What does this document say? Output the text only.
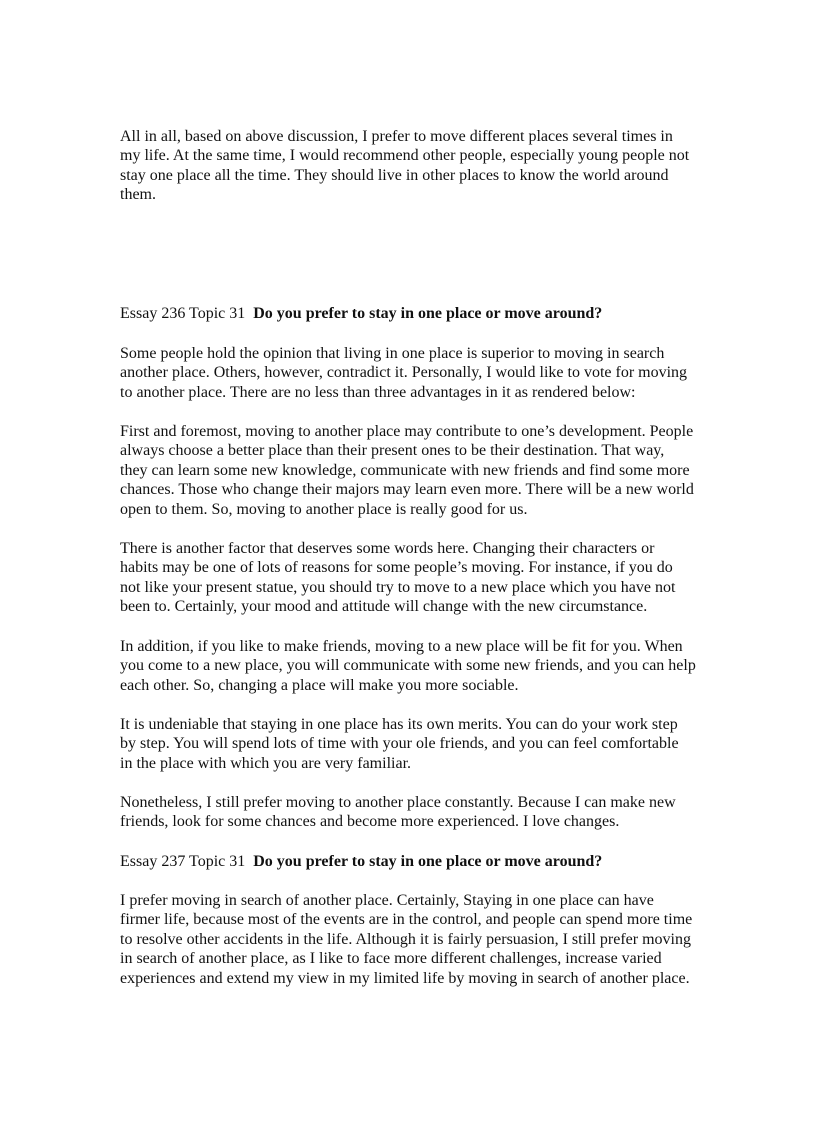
All in all, based on above discussion, I prefer to move different places several times in
my life. At the same time, I would recommend other people, especially young people not
stay one place all the time. They should live in other places to know the world around
them.

Essay 236 Topic 31 Do you prefer to stay in one place or move around?

Some people hold the opinion that living in one place is superior to moving in search
another place. Others, however, contradict it. Personally, I would like to vote for moving
to another place. There are no less than three advantages in it as rendered below:

First and foremost, moving to another place may contribute to one’s development. People
always choose a better place than their present ones to be their destination. That way,
they can learn some new knowledge, communicate with new friends and find some more
chances. Those who change their majors may learn even more. There will be a new world
open to them. So, moving to another place is really good for us.

There is another factor that deserves some words here. Changing their characters or
habits may be one of lots of reasons for some people’s moving. For instance, if you do
not like your present statue, you should try to move to a new place which you have not
been to. Certainly, your mood and attitude will change with the new circumstance.

In addition, if you like to make friends, moving to a new place will be fit for you. When
you come to a new place, you will communicate with some new friends, and you can help
each other. So, changing a place will make you more sociable.

It is undeniable that staying in one place has its own merits. You can do your work step
by step. You will spend lots of time with your ole friends, and you can feel comfortable
in the place with which you are very familiar.

Nonetheless, I still prefer moving to another place constantly. Because I can make new
friends, look for some chances and become more experienced. I love changes.

Essay 237 Topic 31 Do you prefer to stay in one place or move around?

I prefer moving in search of another place. Certainly, Staying in one place can have
firmer life, because most of the events are in the control, and people can spend more time
to resolve other accidents in the life. Although it is fairly persuasion, I still prefer moving
in search of another place, as I like to face more different challenges, increase varied
experiences and extend my view in my limited life by moving in search of another place.
